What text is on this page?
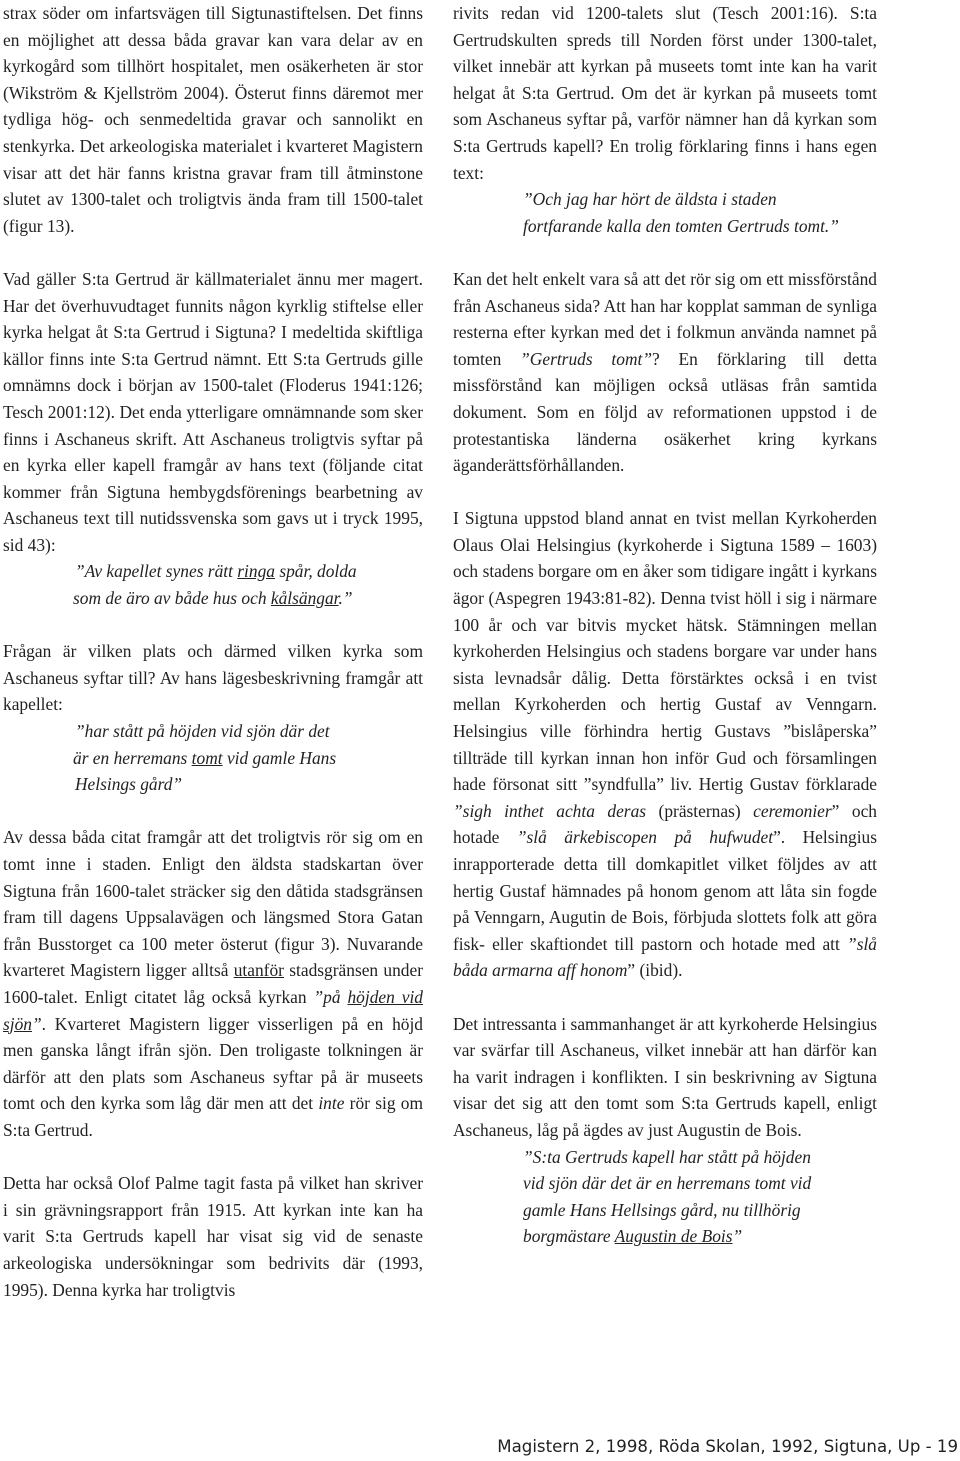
strax söder om infartsvägen till Sigtunastiftelsen. Det finns en möjlighet att dessa båda gravar kan vara delar av en kyrkogård som tillhört hospitalet, men osäkerheten är stor (Wikström & Kjellström 2004). Österut finns däremot mer tydliga hög- och senmedeltida gravar och sannolikt en stenkyrka. Det arkeologiska materialet i kvarteret Magistern visar att det här fanns kristna gravar fram till åtminstone slutet av 1300-talet och troligtvis ända fram till 1500-talet (figur 13).

Vad gäller S:ta Gertrud är källmaterialet ännu mer magert. Har det överhuvudtaget funnits någon kyrklig stiftelse eller kyrka helgat åt S:ta Gertrud i Sigtuna? I medeltida skiftliga källor finns inte S:ta Gertrud nämnt. Ett S:ta Gertruds gille omnämns dock i början av 1500-talet (Floderus 1941:126; Tesch 2001:12). Det enda ytterligare omnämnande som sker finns i Aschaneus skrift. Att Aschaneus troligtvis syftar på en kyrka eller kapell framgår av hans text (följande citat kommer från Sigtuna hembygdsförenings bearbetning av Aschaneus text till nutidssvenska som gavs ut i tryck 1995, sid 43):

”Av kapellet synes rätt ringa spår, dolda
som de äro av både hus och kålsängar.”

Frågan är vilken plats och därmed vilken kyrka som Aschaneus syftar till? Av hans lägesbeskrivning framgår att kapellet:

”har stått på höjden vid sjön där det
är en herremans tomt vid gamle Hans
Helsings gård”

Av dessa båda citat framgår att det troligtvis rör sig om en tomt inne i staden. Enligt den äldsta stadskartan över Sigtuna från 1600-talet sträcker sig den dåtida stadsgränsen fram till dagens Uppsalavägen och längsmed Stora Gatan från Busstorget ca 100 meter österut (figur 3). Nuvarande kvarteret Magistern ligger alltså utanför stadsgränsen under 1600-talet. Enligt citatet låg också kyrkan ”på höjden vid sjön”. Kvarteret Magistern ligger visserligen på en höjd men ganska långt ifrån sjön. Den troligaste tolkningen är därför att den plats som Aschaneus syftar på är museets tomt och den kyrka som låg där men att det inte rör sig om S:ta Gertrud.

Detta har också Olof Palme tagit fasta på vilket han skriver i sin grävningsrapport från 1915. Att kyrkan inte kan ha varit S:ta Gertruds kapell har visat sig vid de senaste arkeologiska undersökningar som bedrivits där (1993, 1995). Denna kyrka har troligtvis

rivits redan vid 1200-talets slut (Tesch 2001:16). S:ta Gertrudskulten spreds till Norden först under 1300-talet, vilket innebär att kyrkan på museets tomt inte kan ha varit helgat åt S:ta Gertrud. Om det är kyrkan på museets tomt som Aschaneus syftar på, varför nämner han då kyrkan som S:ta Gertruds kapell? En trolig förklaring finns i hans egen text:

”Och jag har hört de äldsta i staden
fortfarande kalla den tomten Gertruds tomt.”

Kan det helt enkelt vara så att det rör sig om ett missförstånd från Aschaneus sida? Att han har kopplat samman de synliga resterna efter kyrkan med det i folkmun använda namnet på tomten ”Gertruds tomt”? En förklaring till detta missförstånd kan möjligen också utläsas från samtida dokument. Som en följd av reformationen uppstod i de protestantiska länderna osäkerhet kring kyrkans äganderättsförhållanden.

I Sigtuna uppstod bland annat en tvist mellan Kyrkoherden Olaus Olai Helsingius (kyrkoherde i Sigtuna 1589 – 1603) och stadens borgare om en åker som tidigare ingått i kyrkans ägor (Aspegren 1943:81-82). Denna tvist höll i sig i närmare 100 år och var bitvis mycket hätsk. Stämningen mellan kyrkoherden Helsingius och stadens borgare var under hans sista levnadsår dålig. Detta förstärktes också i en tvist mellan Kyrkoherden och hertig Gustaf av Venngarn. Helsingius ville förhindra hertig Gustavs ”bislåperska” tillträde till kyrkan innan hon inför Gud och församlingen hade försonat sitt ”syndfulla” liv. Hertig Gustav förklarade ”sigh inthet achta deras (prästernas) ceremonier” och hotade ”slå ärkebiscopen på hufwudet”. Helsingius inrapporterade detta till domkapitlet vilket följdes av att hertig Gustaf hämnades på honom genom att låta sin fogde på Venngarn, Augutin de Bois, förbjuda slottets folk att göra fisk- eller skaftiondet till pastorn och hotade med att ”slå båda armarna aff honom” (ibid).

Det intressanta i sammanhanget är att kyrkoherde Helsingius var svärfar till Aschaneus, vilket innebär att han därför kan ha varit indragen i konflikten. I sin beskrivning av Sigtuna visar det sig att den tomt som S:ta Gertruds kapell, enligt Aschaneus, låg på ägdes av just Augustin de Bois.

”S:ta Gertruds kapell har stått på höjden
vid sjön där det är en herremans tomt vid
gamle Hans Hellsings gård, nu tillhörig
borgmästare Augustin de Bois”
Magistern 2, 1998, Röda Skolan, 1992, Sigtuna, Up - 19
